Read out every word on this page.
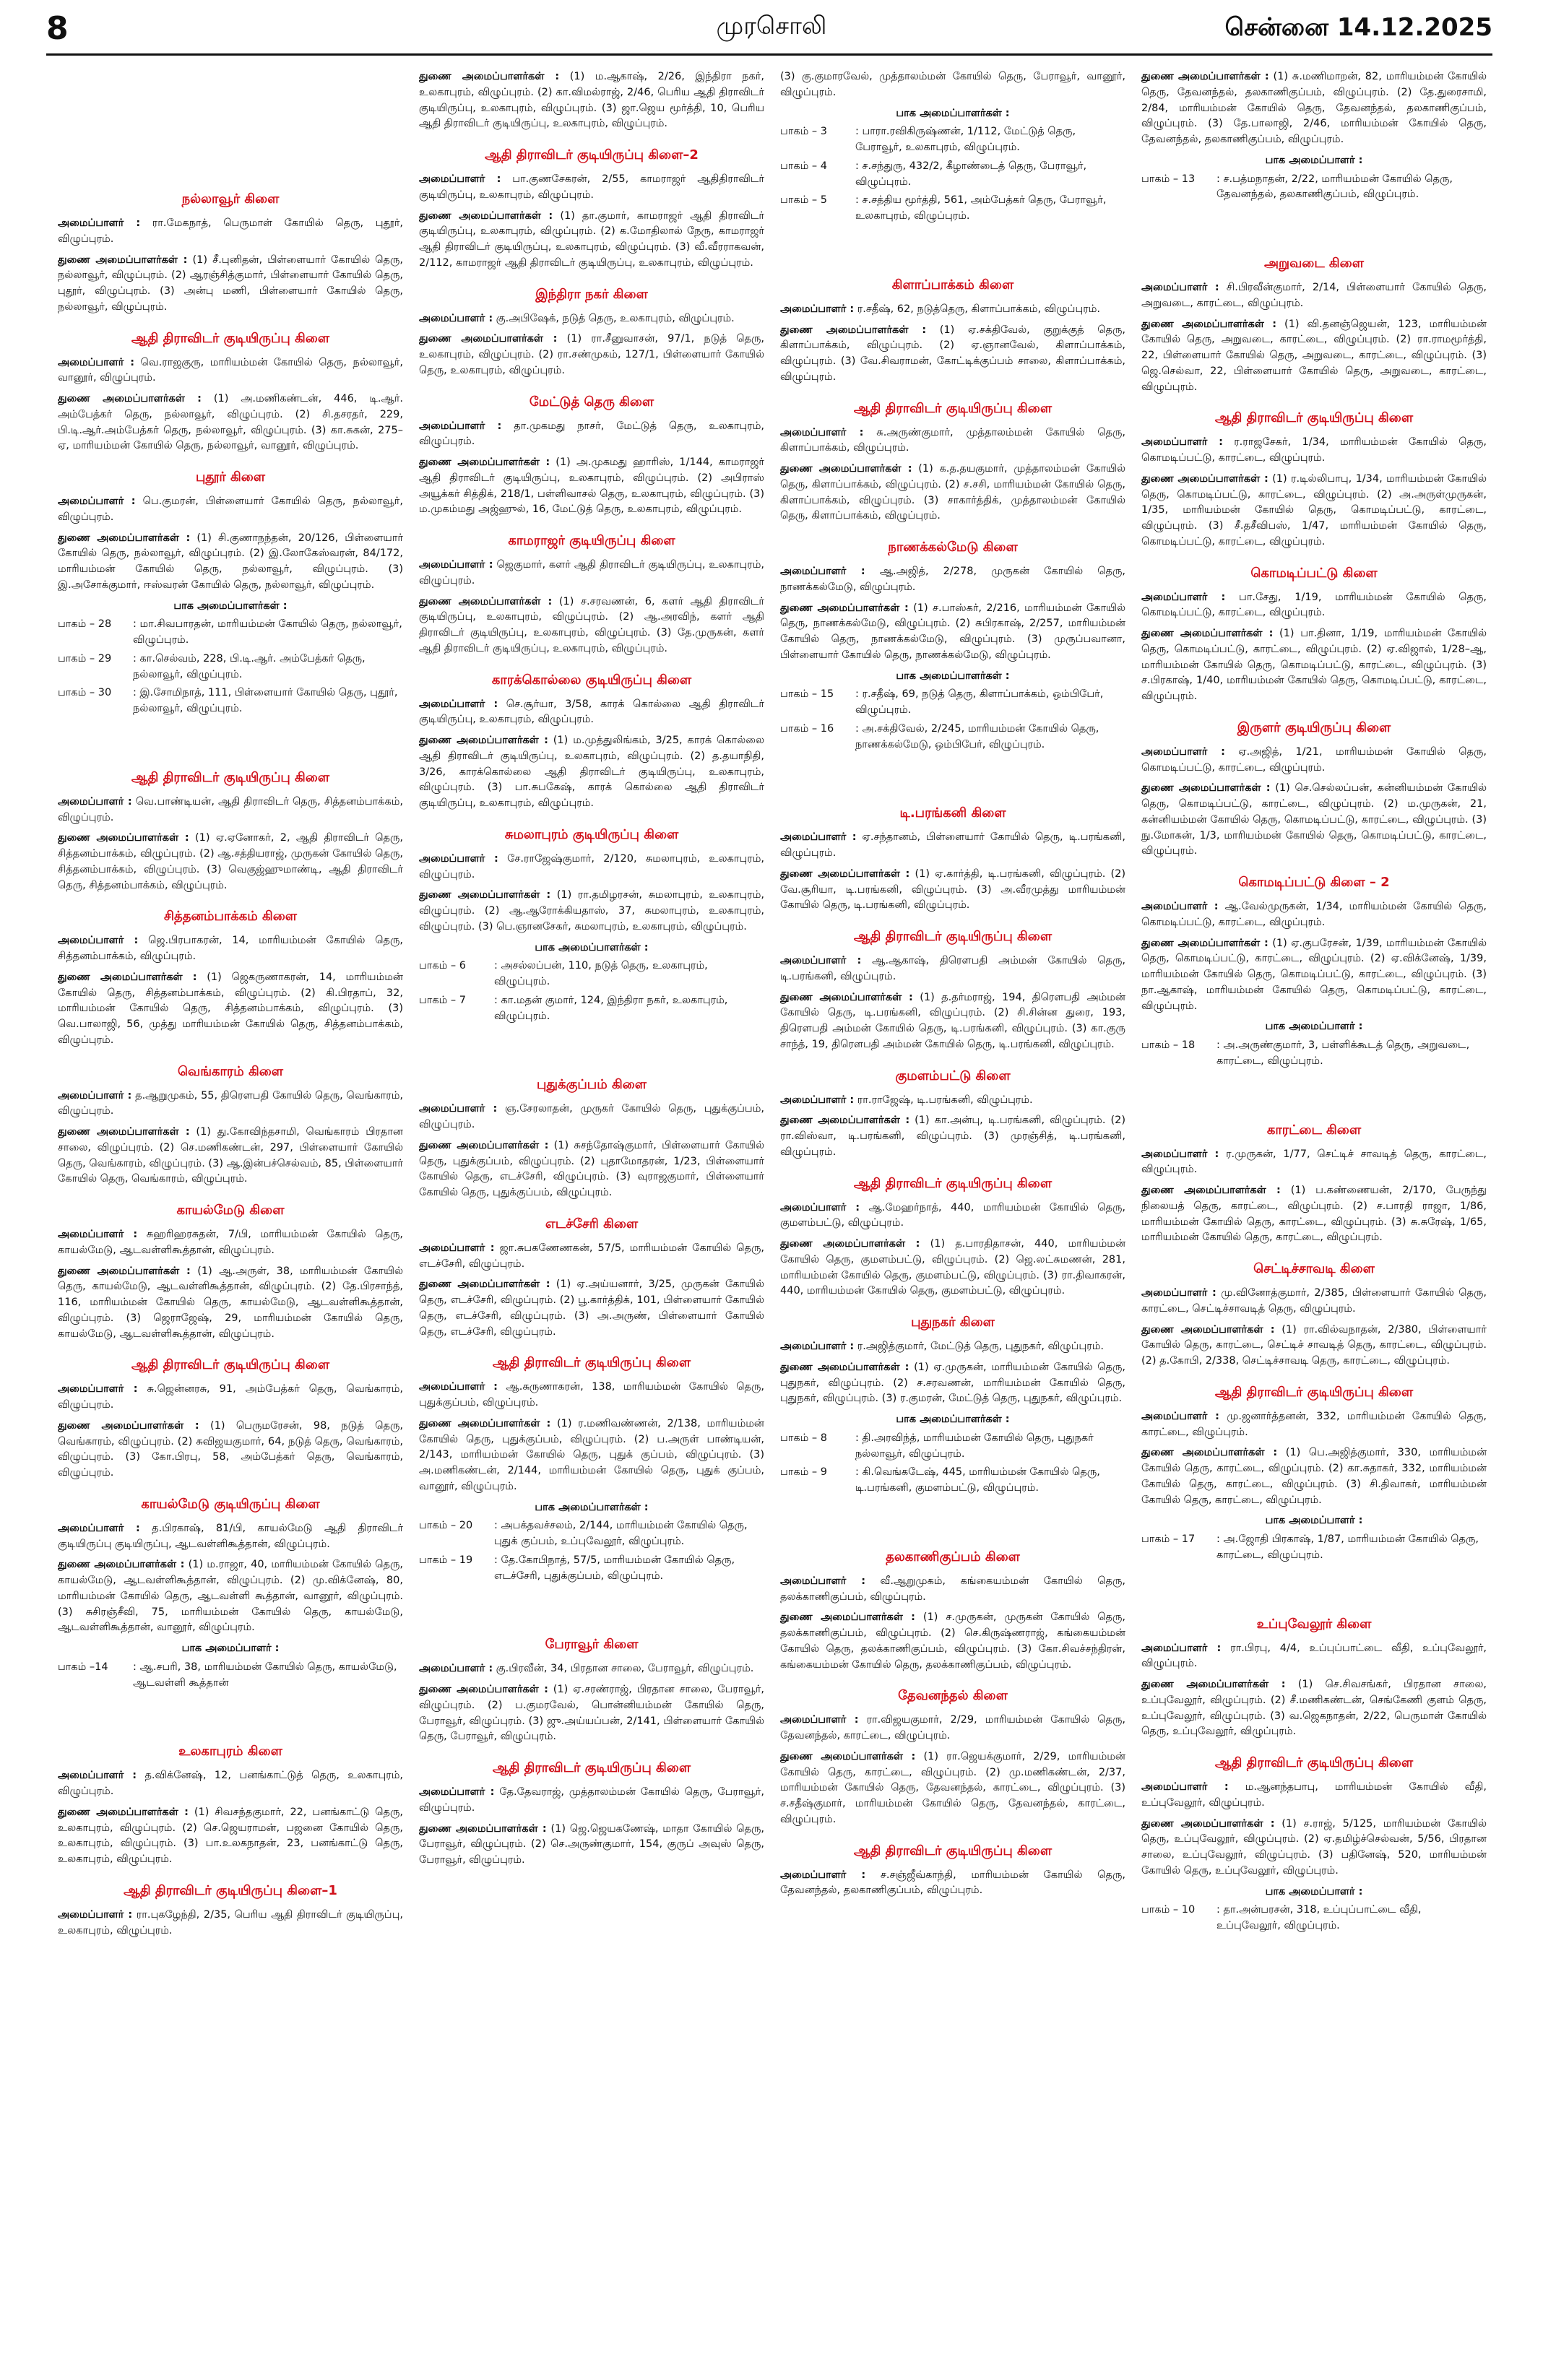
8	முரசொலி	சென்னை 14.12.2025
நல்லாவூர் கிளை
அமைப்பாளர் : ரா.மேகநாத், பெருமாள் கோயில் தெரு, புதூர், விழுப்புரம்.
துணை அமைப்பாளர்கள் : (1) சீ.புனிதன், பிள்ளையார் கோயில் தெரு, நல்லாவூர், விழுப்புரம். (2) ஆரஞ்சித்குமார், பிள்ளையார் கோயில் தெரு, புதூர், விழுப்புரம். (3) அன்பு மணி, பிள்ளையார் கோயில் தெரு, நல்லாவூர், விழுப்புரம்.
ஆதி திராவிடர் குடியிருப்பு கிளை
அமைப்பாளர் : வெ.ராஜகுரு, மாரியம்மன் கோயில் தெரு, நல்லாவூர், வானூர், விழுப்புரம்.
துணை அமைப்பாளர்கள் : (1) அ.மணிகண்டன், 446, டி.ஆர். அம்பேத்கர் தெரு, நல்லாவூர், விழுப்புரம். (2) சி.தசரதர், 229, பி.டி.ஆர்.அம்பேத்கர் தெரு, நல்லாவூர், விழுப்புரம். (3) கா.சுகன், 275–ஏ, மாரியம்மன் கோயில் தெரு, நல்லாவூர், வானூர், விழுப்புரம்.
புதூர் கிளை
அமைப்பாளர் : பெ.குமரன், பிள்ளையார் கோயில் தெரு, நல்லாவூர், விழுப்புரம்.
துணை அமைப்பாளர்கள் : (1) சி.குணாநந்தன், 20/126, பிள்ளையார் கோயில் தெரு, நல்லாவூர், விழுப்புரம். (2) இ.லோகேஸ்வரன், 84/172, மாரியம்மன் கோயில் தெரு, நல்லாவூர், விழுப்புரம். (3) இ.அசோக்குமார், ஈஸ்வரன் கோயில் தெரு, நல்லாவூர், விழுப்புரம்.
பாக அமைப்பாளர்கள் :
பாகம் – 28	: மா.சிவபாரதன், மாரியம்மன் கோயில் தெரு, நல்லாவூர், விழுப்புரம்.
பாகம் – 29	: கா.செல்வம், 228, பி.டி.ஆர். அம்பேத்கர் தெரு, நல்லாவூர், விழுப்புரம்.
பாகம் – 30	: இ.சோமிநாத், 111, பிள்ளையார் கோயில் தெரு, புதூர், நல்லாவூர், விழுப்புரம்.
ஆதி திராவிடர் குடியிருப்பு கிளை
அமைப்பாளர் : வெ.பாண்டியன், ஆதி திராவிடர் தெரு, சித்தனம்பாக்கம், விழுப்புரம்.
துணை அமைப்பாளர்கள் : (1) ஏ.ஏனோகர், 2, ஆதி திராவிடர் தெரு, சித்தனம்பாக்கம், விழுப்புரம். (2) ஆ.சத்தியராஜ், முருகன் கோயில் தெரு, சித்தனம்பாக்கம், விழுப்புரம். (3) வெகுஜ்ஹுமாண்டி, ஆதி திராவிடர் தெரு, சித்தனம்பாக்கம், விழுப்புரம்.
சித்தனம்பாக்கம் கிளை
அமைப்பாளர் : ஜெ.பிரபாகரன், 14, மாரியம்மன் கோயில் தெரு, சித்தனம்பாக்கம், விழுப்புரம்.
துணை அமைப்பாளர்கள் : (1) ஜெகருணாகரன், 14, மாரியம்மன் கோயில் தெரு, சித்தனம்பாக்கம், விழுப்புரம். (2) கி.பிரதாப், 32, மாரியம்மன் கோயில் தெரு, சித்தனம்பாக்கம், விழுப்புரம். (3) வெ.பாலாஜி, 56, முத்து மாரியம்மன் கோயில் தெரு, சித்தனம்பாக்கம், விழுப்புரம்.
வெங்காரம் கிளை
அமைப்பாளர் : த.ஆறுமுகம், 55, திரௌபதி கோயில் தெரு, வெங்காரம், விழுப்புரம்.
துணை அமைப்பாளர்கள் : (1) து.கோவிந்தசாமி, வெங்காரம் பிரதான சாலை, விழுப்புரம். (2) செ.மணிகண்டன், 297, பிள்ளையார் கோயில் தெரு, வெங்காரம், விழுப்புரம். (3) ஆ.இன்பச்செல்வம், 85, பிள்ளையார் கோயில் தெரு, வெங்காரம், விழுப்புரம்.
காயல்மேடு கிளை
அமைப்பாளர் : சுஹரிஹரசுதன், 7/பி, மாரியம்மன் கோயில் தெரு, காயல்மேடு, ஆடவள்ளிகூத்தான், விழுப்புரம்.
துணை அமைப்பாளர்கள் : (1) ஆ.அருள், 38, மாரியம்மன் கோயில் தெரு, காயல்மேடு, ஆடவள்ளிகூத்தான், விழுப்புரம். (2) தே.பிரசாந்த், 116, மாரியம்மன் கோயில் தெரு, காயல்மேடு, ஆடவள்ளிகூத்தான், விழுப்புரம். (3) ஜெராஜேஷ், 29, மாரியம்மன் கோயில் தெரு, காயல்மேடு, ஆடவள்ளிகூத்தான், விழுப்புரம்.
ஆதி திராவிடர் குடியிருப்பு கிளை
அமைப்பாளர் : சு.ஜென்னரசு, 91, அம்பேத்கர் தெரு, வெங்காரம், விழுப்புரம்.
துணை அமைப்பாளர்கள் : (1) பெருமரேசன், 98, நடுத் தெரு, வெங்காரம், விழுப்புரம். (2) சுவிஜயகுமார், 64, நடுத் தெரு, வெங்காரம், விழுப்புரம். (3) கோ.பிரபு, 58, அம்பேத்கர் தெரு, வெங்காரம், விழுப்புரம்.
காயல்மேடு குடியிருப்பு கிளை
அமைப்பாளர் : த.பிரகாஷ், 81/பி, காயல்மேடு ஆதி திராவிடர் குடியிருப்பு குடியிருப்பு, ஆடவள்ளிகூத்தான், விழுப்புரம்.
துணை அமைப்பாளர்கள் : (1) ம.ராஜா, 40, மாரியம்மன் கோயில் தெரு, காயல்மேடு, ஆடவள்ளிகூத்தான், விழுப்புரம். (2) மு.விக்னேஷ், 80, மாரியம்மன் கோயில் தெரு, ஆடவள்ளி கூத்தான், வானூர், விழுப்புரம். (3) சுசிரஞ்சீவி, 75, மாரியம்மன் கோயில் தெரு, காயல்மேடு, ஆடவள்ளிகூத்தான், வானூர், விழுப்புரம்.
பாக அமைப்பாளர் :
பாகம் –14	: ஆ.சபரி, 38, மாரியம்மன் கோயில் தெரு, காயல்மேடு, ஆடவள்ளி கூத்தான்
உலகாபுரம் கிளை
அமைப்பாளர் : த.விக்னேஷ், 12, பனங்காட்டுத் தெரு, உலகாபுரம், விழுப்புரம்.
துணை அமைப்பாளர்கள் : (1) சிவசந்தகுமார், 22, பனங்காட்டு தெரு, உலகாபுரம், விழுப்புரம். (2) செ.ஜெயராமன், பஜனை கோயில் தெரு, உலகாபுரம், விழுப்புரம். (3) பா.உலகநாதன், 23, பனங்காட்டு தெரு, உலகாபுரம், விழுப்புரம்.
ஆதி திராவிடர் குடியிருப்பு கிளை–1
அமைப்பாளர் : ரா.புகழேந்தி, 2/35, பெரிய ஆதி திராவிடர் குடியிருப்பு, உலகாபுரம், விழுப்புரம்.
துணை அமைப்பாளர்கள் : (1) ம.ஆகாஷ், 2/26, இந்திரா நகர், உலகாபுரம், விழுப்புரம். (2) கா.விமல்ராஜ், 2/46, பெரிய ஆதி திராவிடர் குடியிருப்பு, உலகாபுரம், விழுப்புரம். (3) ஜா.ஜெய மூர்த்தி, 10, பெரிய ஆதி திராவிடர் குடியிருப்பு, உலகாபுரம், விழுப்புரம்.
ஆதி திராவிடர் குடியிருப்பு கிளை–2
அமைப்பாளர் : பா.குணசேகரன், 2/55, காமராஜர் ஆதிதிராவிடர் குடியிருப்பு, உலகாபுரம், விழுப்புரம்.
துணை அமைப்பாளர்கள் : (1) தா.குமார், காமராஜர் ஆதி திராவிடர் குடியிருப்பு, உலகாபுரம், விழுப்புரம். (2) க.மோதிலால் நேரு, காமராஜர் ஆதி திராவிடர் குடியிருப்பு, உலகாபுரம், விழுப்புரம். (3) வீ.வீரராகவன், 2/112, காமராஜர் ஆதி திராவிடர் குடியிருப்பு, உலகாபுரம், விழுப்புரம்.
இந்திரா நகர் கிளை
அமைப்பாளர் : கு.அபிஷேக், நடுத் தெரு, உலகாபுரம், விழுப்புரம்.
துணை அமைப்பாளர்கள் : (1) ரா.சீனுவாசன், 97/1, நடுத் தெரு, உலகாபுரம், விழுப்புரம். (2) ரா.சண்முகம், 127/1, பிள்ளையார் கோயில் தெரு, உலகாபுரம், விழுப்புரம்.
மேட்டுத் தெரு கிளை
அமைப்பாளர் : தா.முகமது நாசர், மேட்டுத் தெரு, உலகாபுரம், விழுப்புரம்.
துணை அமைப்பாளர்கள் : (1) அ.முகமது ஹாரிஸ், 1/144, காமராஜர் ஆதி திராவிடர் குடியிருப்பு, உலகாபுரம், விழுப்புரம். (2) அபிராஸ் அயூக்கர் சித்திக், 218/1, பள்ளிவாசல் தெரு, உலகாபுரம், விழுப்புரம். (3) ம.முகம்மது அஜ்ஹுல், 16, மேட்டுத் தெரு, உலகாபுரம், விழுப்புரம்.
காமராஜர் குடியிருப்பு கிளை
அமைப்பாளர் : ஜெகுமார், களர் ஆதி திராவிடர் குடியிருப்பு, உலகாபுரம், விழுப்புரம்.
துணை அமைப்பாளர்கள் : (1) ச.சரவணன், 6, களர் ஆதி திராவிடர் குடியிருப்பு, உலகாபுரம், விழுப்புரம். (2) ஆ.அரவிந், களர் ஆதி திராவிடர் குடியிருப்பு, உலகாபுரம், விழுப்புரம். (3) தே.முருகன், களர் ஆதி திராவிடர் குடியிருப்பு, உலகாபுரம், விழுப்புரம்.
காரக்கொல்லை குடியிருப்பு கிளை
அமைப்பாளர் : செ.சூர்யா, 3/58, காரக் கொல்லை ஆதி திராவிடர் குடியிருப்பு, உலகாபுரம், விழுப்புரம்.
துணை அமைப்பாளர்கள் : (1) ம.முத்துலிங்கம், 3/25, காரக் கொல்லை ஆதி திராவிடர் குடியிருப்பு, உலகாபுரம், விழுப்புரம். (2) த.தயாநிதி, 3/26, காரக்கொல்லை ஆதி திராவிடர் குடியிருப்பு, உலகாபுரம், விழுப்புரம். (3) பா.சுபகேஷ், காரக் கொல்லை ஆதி திராவிடர் குடியிருப்பு, உலகாபுரம், விழுப்புரம்.
சுமலாபுரம் குடியிருப்பு கிளை
அமைப்பாளர் : சே.ராஜேஷ்குமார், 2/120, சுமலாபுரம், உலகாபுரம், விழுப்புரம்.
துணை அமைப்பாளர்கள் : (1) ரா.தமிழரசன், சுமலாபுரம், உலகாபுரம், விழுப்புரம். (2) ஆ.ஆரோக்கியதாஸ், 37, சுமலாபுரம், உலகாபுரம், விழுப்புரம். (3) பெ.ஞானசேகர், சுமலாபுரம், உலகாபுரம், விழுப்புரம்.
பாக அமைப்பாளர்கள் :
பாகம் – 6	: அசல்லப்பன், 110, நடுத் தெரு, உலகாபுரம், விழுப்புரம்.
பாகம் – 7	: கா.மதன் குமார், 124, இந்திரா நகர், உலகாபுரம், விழுப்புரம்.
புதுக்குப்பம் கிளை
அமைப்பாளர் : ஞ.சேரலாதன், முருகர் கோயில் தெரு, புதுக்குப்பம், விழுப்புரம்.
துணை அமைப்பாளர்கள் : (1) சுசந்தோஷ்குமார், பிள்ளையார் கோயில் தெரு, புதுக்குப்பம், விழுப்புரம். (2) புதாமோதரன், 1/23, பிள்ளையார் கோயில் தெரு, எடச்சேரி, விழுப்புரம். (3) வுராஜகுமார், பிள்ளையார் கோயில் தெரு, புதுக்குப்பம், விழுப்புரம்.
எடச்சேரி கிளை
அமைப்பாளர் : ஜா.சுபகணேணகன், 57/5, மாரியம்மன் கோயில் தெரு, எடச்சேரி, விழுப்புரம்.
துணை அமைப்பாளர்கள் : (1) ஏ.அய்யனார், 3/25, முருகன் கோயில் தெரு, எடச்சேரி, விழுப்புரம். (2) பூ.கார்த்திக், 101, பிள்ளையார் கோயில் தெரு, எடச்சேரி, விழுப்புரம். (3) அ.அருண், பிள்ளையார் கோயில் தெரு, எடச்சேரி, விழுப்புரம்.
ஆதி திராவிடர் குடியிருப்பு கிளை
அமைப்பாளர் : ஆ.சுருணாகரன், 138, மாரியம்மன் கோயில் தெரு, புதுக்குப்பம், விழுப்புரம்.
துணை அமைப்பாளர்கள் : (1) ர.மணிவண்ணன், 2/138, மாரியம்மன் கோயில் தெரு, புதுக்குப்பம், விழுப்புரம். (2) ப.அருள் பாண்டியன், 2/143, மாரியம்மன் கோயில் தெரு, புதுக் குப்பம், விழுப்புரம். (3) அ.மணிகண்டன், 2/144, மாரியம்மன் கோயில் தெரு, புதுக் குப்பம், வானூர், விழுப்புரம்.
பாக அமைப்பாளர்கள் :
பாகம் – 20	: அபக்தவச்சலம், 2/144, மாரியம்மன் கோயில் தெரு, புதுக் குப்பம், உப்புவேலூர், விழுப்புரம்.
பாகம் – 19	: தே.கோபிநாத், 57/5, மாரியம்மன் கோயில் தெரு, எடச்சேரி, புதுக்குப்பம், விழுப்புரம்.
பேராவூர் கிளை
அமைப்பாளர் : கு.பிரவீன், 34, பிரதான சாலை, பேராவூர், விழுப்புரம்.
துணை அமைப்பாளர்கள் : (1) ஏ.சரண்ராஜ், பிரதான சாலை, பேராவூர், விழுப்புரம். (2) ப.குமரவேல், பொன்னியம்மன் கோயில் தெரு, பேராவூர், விழுப்புரம். (3) ஜு.அய்யப்பன், 2/141, பிள்ளையார் கோயில் தெரு, பேராவூர், விழுப்புரம்.
ஆதி திராவிடர் குடியிருப்பு கிளை
அமைப்பாளர் : தே.தேவராஜ், முத்தாலம்மன் கோயில் தெரு, பேராவூர், விழுப்புரம்.
துணை அமைப்பாளர்கள் : (1) ஜெ.ஜெயகணேஷ், மாதா கோயில் தெரு, பேராவூர், விழுப்புரம். (2) செ.அருண்குமார், 154, குருப் அவுஸ் தெரு, பேராவூர், விழுப்புரம்.
(3) கு.குமாரவேல், முத்தாலம்மன் கோயில் தெரு, பேராவூர், வானூர், விழுப்புரம்.
பாக அமைப்பாளர்கள் :
பாகம் – 3	: பாரா.ரவிகிருஷ்ணன், 1/112, மேட்டுத் தெரு, பேராவூர், உலகாபுரம், விழுப்புரம்.
பாகம் – 4	: ச.சந்துரு, 432/2, கீழாண்டைத் தெரு, பேராவூர், விழுப்புரம்.
பாகம் – 5	: ச.சத்திய மூர்த்தி, 561, அம்பேத்கர் தெரு, பேராவூர், உலகாபுரம், விழுப்புரம்.
கிளாப்பாக்கம் கிளை
அமைப்பாளர் : ர.சதீஷ், 62, நடுத்தெரு, கிளாப்பாக்கம், விழுப்புரம்.
துணை அமைப்பாளர்கள் : (1) ஏ.சக்திவேல், குறுக்குத் தெரு, கிளாப்பாக்கம், விழுப்புரம். (2) ஏ.ஞானவேல், கிளாப்பாக்கம், விழுப்புரம். (3) வே.சிவராமன், கோட்டிக்குப்பம் சாலை, கிளாப்பாக்கம், விழுப்புரம்.
ஆதி திராவிடர் குடியிருப்பு கிளை
அமைப்பாளர் : சு.அருண்குமார், முத்தாலம்மன் கோயில் தெரு, கிளாப்பாக்கம், விழுப்புரம்.
துணை அமைப்பாளர்கள் : (1) க.த.தயகுமார், முத்தாலம்மன் கோயில் தெரு, கிளாப்பாக்கம், விழுப்புரம். (2) ச.சசி, மாரியம்மன் கோயில் தெரு, கிளாப்பாக்கம், விழுப்புரம். (3) சாகார்த்திக், முத்தாலம்மன் கோயில் தெரு, கிளாப்பாக்கம், விழுப்புரம்.
நாணக்கல்மேடு கிளை
அமைப்பாளர் : ஆ.அஜித், 2/278, முருகன் கோயில் தெரு, நாணக்கல்மேடு, விழுப்புரம்.
துணை அமைப்பாளர்கள் : (1) ச.பாஸ்கர், 2/216, மாரியம்மன் கோயில் தெரு, நாணக்கல்மேடு, விழுப்புரம். (2) சுபிரகாஷ், 2/257, மாரியம்மன் கோயில் தெரு, நாணக்கல்மேடு, விழுப்புரம். (3) முருப்பவானா, பிள்ளையார் கோயில் தெரு, நாணக்கல்மேடு, விழுப்புரம்.
பாக அமைப்பாளர்கள் :
பாகம் – 15	: ர.சதீஷ், 69, நடுத் தெரு, கிளாப்பாக்கம், ஒம்பிபேர், விழுப்புரம்.
பாகம் – 16	: அ.சக்திவேல், 2/245, மாரியம்மன் கோயில் தெரு, நாணக்கல்மேடு, ஒம்பிபேர், விழுப்புரம்.
டி.பரங்கனி கிளை
அமைப்பாளர் : ஏ.சந்தானம், பிள்ளையார் கோயில் தெரு, டி.பரங்கனி, விழுப்புரம்.
துணை அமைப்பாளர்கள் : (1) ஏ.கார்த்தி, டி.பரங்கனி, விழுப்புரம். (2) வே.சூரியா, டி.பரங்கனி, விழுப்புரம். (3) அ.வீரமுத்து மாரியம்மன் கோயில் தெரு, டி.பரங்கனி, விழுப்புரம்.
ஆதி திராவிடர் குடியிருப்பு கிளை
அமைப்பாளர் : ஆ.ஆகாஷ், திரௌபதி அம்மன் கோயில் தெரு, டி.பரங்கனி, விழுப்புரம்.
துணை அமைப்பாளர்கள் : (1) த.தர்மராஜ், 194, திரௌபதி அம்மன் கோயில் தெரு, டி.பரங்கனி, விழுப்புரம். (2) சி.சின்ன துரை, 193, திரௌபதி அம்மன் கோயில் தெரு, டி.பரங்கனி, விழுப்புரம். (3) கா.குரு சாந்த், 19, திரௌபதி அம்மன் கோயில் தெரு, டி.பரங்கனி, விழுப்புரம்.
குமளம்பட்டு கிளை
அமைப்பாளர் : ரா.ராஜேஷ், டி.பரங்கனி, விழுப்புரம்.
துணை அமைப்பாளர்கள் : (1) கா.அன்பு, டி.பரங்கனி, விழுப்புரம். (2) ரா.விஸ்வா, டி.பரங்கனி, விழுப்புரம். (3) முரஞ்சித், டி.பரங்கனி, விழுப்புரம்.
ஆதி திராவிடர் குடியிருப்பு கிளை
அமைப்பாளர் : ஆ.மேஹர்நாத், 440, மாரியம்மன் கோயில் தெரு, குமளம்பட்டு, விழுப்புரம்.
துணை அமைப்பாளர்கள் : (1) த.பாரதிதாசன், 440, மாரியம்மன் கோயில் தெரு, குமளம்பட்டு, விழுப்புரம். (2) ஜெ.லட்சுமணன், 281, மாரியம்மன் கோயில் தெரு, குமளம்பட்டு, விழுப்புரம். (3) ரா.திவாகரன், 440, மாரியம்மன் கோயில் தெரு, குமளம்பட்டு, விழுப்புரம்.
புதுநகர் கிளை
அமைப்பாளர் : ர.அஜித்குமார், மேட்டுத் தெரு, புதுநகர், விழுப்புரம்.
துணை அமைப்பாளர்கள் : (1) ஏ.முருகன், மாரியம்மன் கோயில் தெரு, புதுநகர், விழுப்புரம். (2) ச.சரவணன், மாரியம்மன் கோயில் தெரு, புதுநகர், விழுப்புரம். (3) ர.குமரன், மேட்டுத் தெரு, புதுநகர், விழுப்புரம்.
பாக அமைப்பாளர்கள் :
பாகம் – 8	: தி.அரவிந்த், மாரியம்மன் கோயில் தெரு, புதுநகர் நல்லாவூர், விழுப்புரம்.
பாகம் – 9	: கி.வெங்கடேஷ், 445, மாரியம்மன் கோயில் தெரு, டி.பரங்கனி, குமளம்பட்டு, விழுப்புரம்.
தலகாணிகுப்பம் கிளை
அமைப்பாளர் : வீ.ஆறுமுகம், கங்கையம்மன் கோயில் தெரு, தலக்காணிகுப்பம், விழுப்புரம்.
துணை அமைப்பாளர்கள் : (1) ச.முருகன், முருகன் கோயில் தெரு, தலக்காணிகுப்பம், விழுப்புரம். (2) செ.கிருஷ்ணராஜ், கங்கையம்மன் கோயில் தெரு, தலக்காணிகுப்பம், விழுப்புரம். (3) கோ.சிவச்சந்திரன், கங்கையம்மன் கோயில் தெரு, தலக்காணிகுப்பம், விழுப்புரம்.
தேவனந்தல் கிளை
அமைப்பாளர் : ரா.விஜயகுமார், 2/29, மாரியம்மன் கோயில் தெரு, தேவனந்தல், காரட்டை, விழுப்புரம்.
துணை அமைப்பாளர்கள் : (1) ரா.ஜெயக்குமார், 2/29, மாரியம்மன் கோயில் தெரு, காரட்டை, விழுப்புரம். (2) மு.மணிகண்டன், 2/37, மாரியம்மன் கோயில் தெரு, தேவனந்தல், காரட்டை, விழுப்புரம். (3) ச.சதீஷ்குமார், மாரியம்மன் கோயில் தெரு, தேவனந்தல், காரட்டை, விழுப்புரம்.
ஆதி திராவிடர் குடியிருப்பு கிளை
அமைப்பாளர் : ச.சஞ்ஜீவ்காந்தி, மாரியம்மன் கோயில் தெரு, தேவனந்தல், தலகாணிகுப்பம், விழுப்புரம்.
துணை அமைப்பாளர்கள் : (1) சு.மணிமாறன், 82, மாரியம்மன் கோயில் தெரு, தேவனந்தல், தலகாணிகுப்பம், விழுப்புரம். (2) தே.துரைசாமி, 2/84, மாரியம்மன் கோயில் தெரு, தேவனந்தல், தலகாணிகுப்பம், விழுப்புரம். (3) தே.பாலாஜி, 2/46, மாரியம்மன் கோயில் தெரு, தேவனந்தல், தலகாணிகுப்பம், விழுப்புரம்.
பாக அமைப்பாளர் :
பாகம் – 13	: ச.பத்மநாதன், 2/22, மாரியம்மன் கோயில் தெரு, தேவனந்தல், தலகாணிகுப்பம், விழுப்புரம்.
அறுவடை கிளை
அமைப்பாளர் : சி.பிரவீன்குமார், 2/14, பிள்ளையார் கோயில் தெரு, அறுவடை, காரட்டை, விழுப்புரம்.
துணை அமைப்பாளர்கள் : (1) வி.தனஞ்ஜெயன், 123, மாரியம்மன் கோயில் தெரு, அறுவடை, காரட்டை, விழுப்புரம். (2) ரா.ராமமூர்த்தி, 22, பிள்ளையார் கோயில் தெரு, அறுவடை, காரட்டை, விழுப்புரம். (3) ஜெ.செல்வா, 22, பிள்ளையார் கோயில் தெரு, அறுவடை, காரட்டை, விழுப்புரம்.
ஆதி திராவிடர் குடியிருப்பு கிளை
அமைப்பாளர் : ர.ராஜசேகர், 1/34, மாரியம்மன் கோயில் தெரு, கொமடிப்பட்டு, காரட்டை, விழுப்புரம்.
துணை அமைப்பாளர்கள் : (1) ர.டில்லிபாபு, 1/34, மாரியம்மன் கோயில் தெரு, கொமடிப்பட்டு, காரட்டை, விழுப்புரம். (2) அ.அருள்முருகன், 1/35, மாரியம்மன் கோயில் தெரு, கொமடிப்பட்டு, காரட்டை, விழுப்புரம். (3) சீ.தசீவிபஸ், 1/47, மாரியம்மன் கோயில் தெரு, கொமடிப்பட்டு, காரட்டை, விழுப்புரம்.
கொமடிப்பட்டு கிளை
அமைப்பாளர் : பா.சேது, 1/19, மாரியம்மன் கோயில் தெரு, கொமடிப்பட்டு, காரட்டை, விழுப்புரம்.
துணை அமைப்பாளர்கள் : (1) பா.தினா, 1/19, மாரியம்மன் கோயில் தெரு, கொமடிப்பட்டு, காரட்டை, விழுப்புரம். (2) ஏ.விஜால், 1/28–ஆ, மாரியம்மன் கோயில் தெரு, கொமடிப்பட்டு, காரட்டை, விழுப்புரம். (3) ச.பிரகாஷ், 1/40, மாரியம்மன் கோயில் தெரு, கொமடிப்பட்டு, காரட்டை, விழுப்புரம்.
இருளர் குடியிருப்பு கிளை
அமைப்பாளர் : ஏ.அஜித், 1/21, மாரியம்மன் கோயில் தெரு, கொமடிப்பட்டு, காரட்டை, விழுப்புரம்.
துணை அமைப்பாளர்கள் : (1) செ.செல்லப்பன், கன்னியம்மன் கோயில் தெரு, கொமடிப்பட்டு, காரட்டை, விழுப்புரம். (2) ம.முருகன், 21, கன்னியம்மன் கோயில் தெரு, கொமடிப்பட்டு, காரட்டை, விழுப்புரம். (3) நு.மோகன், 1/3, மாரியம்மன் கோயில் தெரு, கொமடிப்பட்டு, காரட்டை, விழுப்புரம்.
கொமடிப்பட்டு கிளை – 2
அமைப்பாளர் : ஆ.வேல்முருகன், 1/34, மாரியம்மன் கோயில் தெரு, கொமடிப்பட்டு, காரட்டை, விழுப்புரம்.
துணை அமைப்பாளர்கள் : (1) ஏ.குபரேசன், 1/39, மாரியம்மன் கோயில் தெரு, கொமடிப்பட்டு, காரட்டை, விழுப்புரம். (2) ஏ.விக்னேஷ், 1/39, மாரியம்மன் கோயில் தெரு, கொமடிப்பட்டு, காரட்டை, விழுப்புரம். (3) நா.ஆகாஷ், மாரியம்மன் கோயில் தெரு, கொமடிப்பட்டு, காரட்டை, விழுப்புரம்.
பாக அமைப்பாளர் :
பாகம் – 18	: அ.அருண்குமார், 3, பள்ளிக்கூடத் தெரு, அறுவடை, காரட்டை, விழுப்புரம்.
காரட்டை கிளை
அமைப்பாளர் : ர.முருகன், 1/77, செட்டிச் சாவடித் தெரு, காரட்டை, விழுப்புரம்.
துணை அமைப்பாளர்கள் : (1) ப.கண்ணையன், 2/170, பேருந்து நிலையத் தெரு, காரட்டை, விழுப்புரம். (2) ச.பாரதி ராஜா, 1/86, மாரியம்மன் கோயில் தெரு, காரட்டை, விழுப்புரம். (3) சு.சுரேஷ், 1/65, மாரியம்மன் கோயில் தெரு, காரட்டை, விழுப்புரம்.
செட்டிச்சாவடி கிளை
அமைப்பாளர் : மு.வினோத்குமார், 2/385, பிள்ளையார் கோயில் தெரு, காரட்டை, செட்டிச்சாவடித் தெரு, விழுப்புரம்.
துணை அமைப்பாளர்கள் : (1) ரா.வில்வநாதன், 2/380, பிள்ளையார் கோயில் தெரு, காரட்டை, செட்டிச் சாவடித் தெரு, காரட்டை, விழுப்புரம். (2) த.கோபி, 2/338, செட்டிச்சாவடி தெரு, காரட்டை, விழுப்புரம்.
ஆதி திராவிடர் குடியிருப்பு கிளை
அமைப்பாளர் : மு.ஜனார்த்தனன், 332, மாரியம்மன் கோயில் தெரு, காரட்டை, விழுப்புரம்.
துணை அமைப்பாளர்கள் : (1) பெ.அஜித்குமார், 330, மாரியம்மன் கோயில் தெரு, காரட்டை, விழுப்புரம். (2) கா.சுதாகர், 332, மாரியம்மன் கோயில் தெரு, காரட்டை, விழுப்புரம். (3) சி.திவாகர், மாரியம்மன் கோயில் தெரு, காரட்டை, விழுப்புரம்.
பாக அமைப்பாளர் :
பாகம் – 17	: அ.ஜோதி பிரகாஷ், 1/87, மாரியம்மன் கோயில் தெரு, காரட்டை, விழுப்புரம்.
உப்புவேலூர் கிளை
அமைப்பாளர் : ரா.பிரபு, 4/4, உப்புப்பாட்டை வீதி, உப்புவேலூர், விழுப்புரம்.
துணை அமைப்பாளர்கள் : (1) செ.சிவசங்கர், பிரதான சாலை, உப்புவேலூர், விழுப்புரம். (2) சீ.மணிகண்டன், செங்கேணி குளம் தெரு, உப்புவேலூர், விழுப்புரம். (3) வ.ஜெகநாதன், 2/22, பெருமாள் கோயில் தெரு, உப்புவேலூர், விழுப்புரம்.
ஆதி திராவிடர் குடியிருப்பு கிளை
அமைப்பாளர் : ம.ஆனந்தபாபு, மாரியம்மன் கோயில் வீதி, உப்புவேலூர், விழுப்புரம்.
துணை அமைப்பாளர்கள் : (1) ச.ராஜ், 5/125, மாரியம்மன் கோயில் தெரு, உப்புவேலூர், விழுப்புரம். (2) ஏ.தமிழ்ச்செல்வன், 5/56, பிரதான சாலை, உப்புவேலூர், விழுப்புரம். (3) பதினேஷ், 520, மாரியம்மன் கோயில் தெரு, உப்புவேலூர், விழுப்புரம்.
பாக அமைப்பாளர் :
பாகம் – 10	: தா.அன்பரசன், 318, உப்புப்பாட்டை வீதி, உப்புவேலூர், விழுப்புரம்.
